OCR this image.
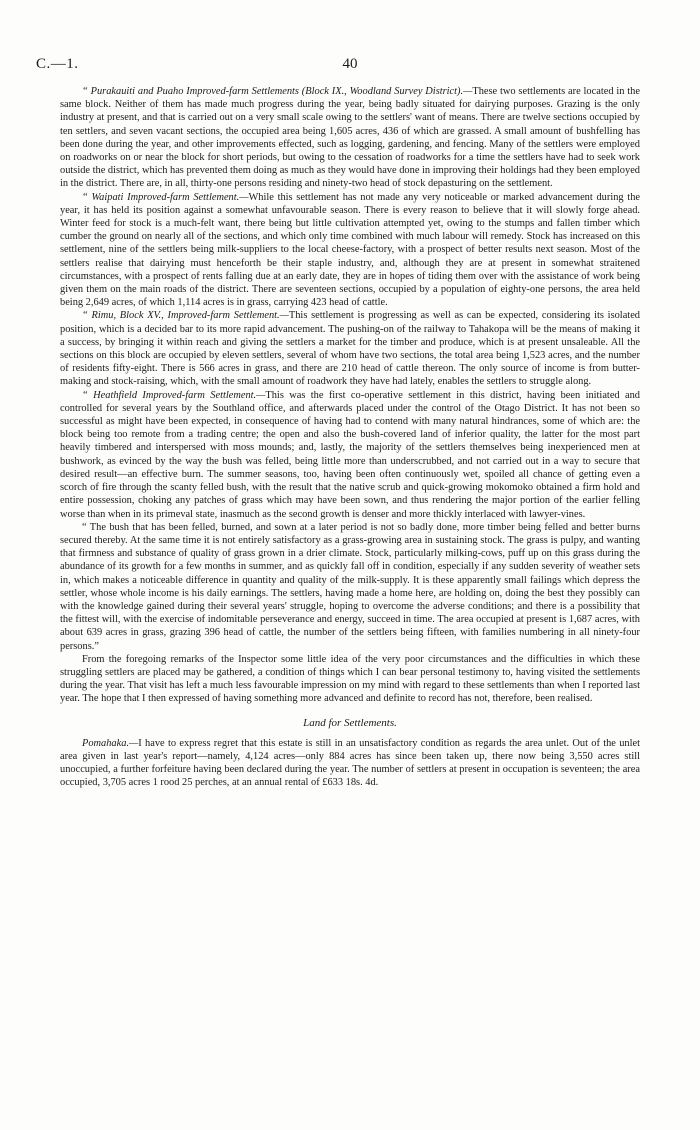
C.—1.	40

“ Purakauiti and Puaho Improved-farm Settlements (Block IX., Woodland Survey District).—These two settlements are located in the same block. Neither of them has made much progress during the year, being badly situated for dairying purposes. Grazing is the only industry at present, and that is carried out on a very small scale owing to the settlers' want of means. There are twelve sections occupied by ten settlers, and seven vacant sections, the occupied area being 1,605 acres, 436 of which are grassed. A small amount of bushfelling has been done during the year, and other improvements effected, such as logging, gardening, and fencing. Many of the settlers were employed on roadworks on or near the block for short periods, but owing to the cessation of roadworks for a time the settlers have had to seek work outside the district, which has prevented them doing as much as they would have done in improving their holdings had they been employed in the district. There are, in all, thirty-one persons residing and ninety-two head of stock depasturing on the settlement.

“ Waipati Improved-farm Settlement.—While this settlement has not made any very noticeable or marked advancement during the year, it has held its position against a somewhat unfavourable season. There is every reason to believe that it will slowly forge ahead. Winter feed for stock is a much-felt want, there being but little cultivation attempted yet, owing to the stumps and fallen timber which cumber the ground on nearly all of the sections, and which only time combined with much labour will remedy. Stock has increased on this settlement, nine of the settlers being milk-suppliers to the local cheese-factory, with a prospect of better results next season. Most of the settlers realise that dairying must henceforth be their staple industry, and, although they are at present in somewhat straitened circumstances, with a prospect of rents falling due at an early date, they are in hopes of tiding them over with the assistance of work being given them on the main roads of the district. There are seventeen sections, occupied by a population of eighty-one persons, the area held being 2,649 acres, of which 1,114 acres is in grass, carrying 423 head of cattle.

“ Rimu, Block XV., Improved-farm Settlement.—This settlement is progressing as well as can be expected, considering its isolated position, which is a decided bar to its more rapid advancement. The pushing-on of the railway to Tahakopa will be the means of making it a success, by bringing it within reach and giving the settlers a market for the timber and produce, which is at present unsaleable. All the sections on this block are occupied by eleven settlers, several of whom have two sections, the total area being 1,523 acres, and the number of residents fifty-eight. There is 566 acres in grass, and there are 210 head of cattle thereon. The only source of income is from butter-making and stock-raising, which, with the small amount of roadwork they have had lately, enables the settlers to struggle along.

“ Heathfield Improved-farm Settlement.—This was the first co-operative settlement in this district, having been initiated and controlled for several years by the Southland office, and afterwards placed under the control of the Otago District. It has not been so successful as might have been expected, in consequence of having had to contend with many natural hindrances, some of which are: the block being too remote from a trading centre; the open and also the bush-covered land of inferior quality, the latter for the most part heavily timbered and interspersed with moss mounds; and, lastly, the majority of the settlers themselves being inexperienced men at bushwork, as evinced by the way the bush was felled, being little more than underscrubbed, and not carried out in a way to secure that desired result—an effective burn. The summer seasons, too, having been often continuously wet, spoiled all chance of getting even a scorch of fire through the scanty felled bush, with the result that the native scrub and quick-growing mokomoko obtained a firm hold and entire possession, choking any patches of grass which may have been sown, and thus rendering the major portion of the earlier felling worse than when in its primeval state, inasmuch as the second growth is denser and more thickly interlaced with lawyer-vines.

“ The bush that has been felled, burned, and sown at a later period is not so badly done, more timber being felled and better burns secured thereby. At the same time it is not entirely satisfactory as a grass-growing area in sustaining stock. The grass is pulpy, and wanting that firmness and substance of quality of grass grown in a drier climate. Stock, particularly milking-cows, puff up on this grass during the abundance of its growth for a few months in summer, and as quickly fall off in condition, especially if any sudden severity of weather sets in, which makes a noticeable difference in quantity and quality of the milk-supply. It is these apparently small failings which depress the settler, whose whole income is his daily earnings. The settlers, having made a home here, are holding on, doing the best they possibly can with the knowledge gained during their several years' struggle, hoping to overcome the adverse conditions; and there is a possibility that the fittest will, with the exercise of indomitable perseverance and energy, succeed in time. The area occupied at present is 1,687 acres, with about 639 acres in grass, grazing 396 head of cattle, the number of the settlers being fifteen, with families numbering in all ninety-four persons.”

From the foregoing remarks of the Inspector some little idea of the very poor circumstances and the difficulties in which these struggling settlers are placed may be gathered, a condition of things which I can bear personal testimony to, having visited the settlements during the year. That visit has left a much less favourable impression on my mind with regard to these settlements than when I reported last year. The hope that I then expressed of having something more advanced and definite to record has not, therefore, been realised.

Land for Settlements.

Pomahaka.—I have to express regret that this estate is still in an unsatisfactory condition as regards the area unlet. Out of the unlet area given in last year's report—namely, 4,124 acres—only 884 acres has since been taken up, there now being 3,550 acres still unoccupied, a further forfeiture having been declared during the year. The number of settlers at present in occupation is seventeen; the area occupied, 3,705 acres 1 rood 25 perches, at an annual rental of £633 18s. 4d.
